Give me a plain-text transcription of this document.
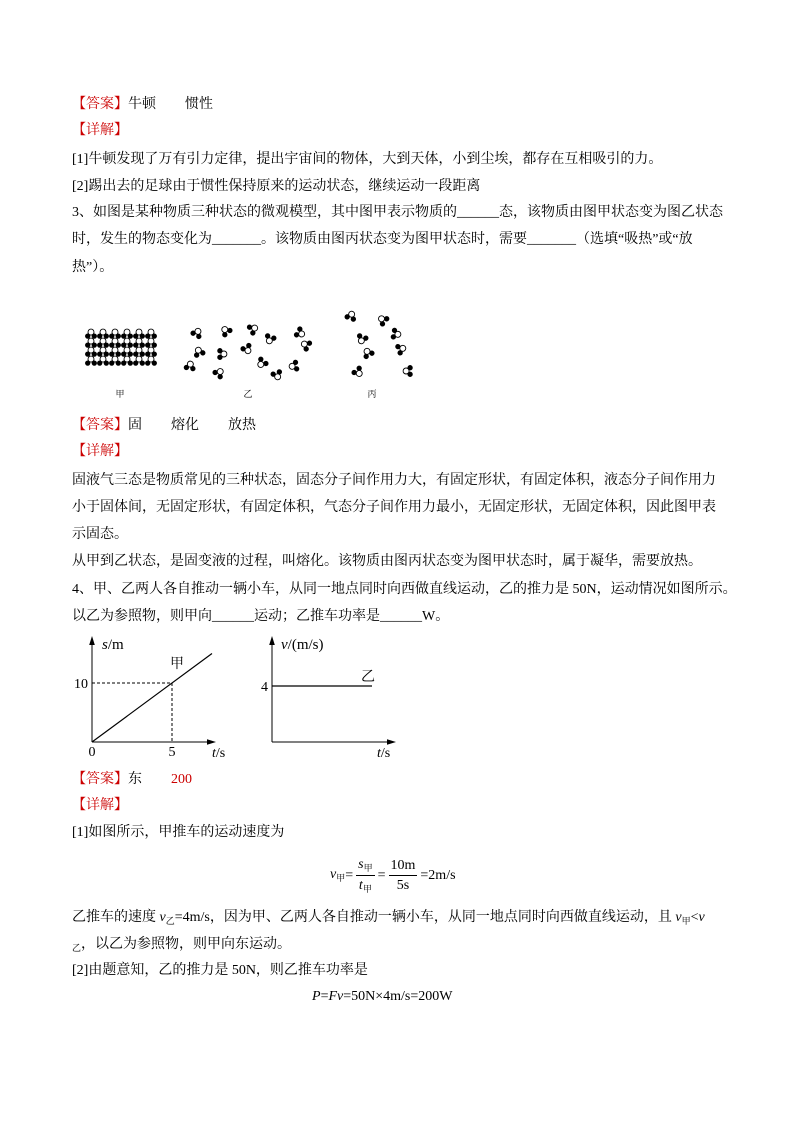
【答案】牛顿 惯性
【详解】
[1]牛顿发现了万有引力定律，提出宇宙间的物体，大到天体，小到尘埃，都存在互相吸引的力。
[2]踢出去的足球由于惯性保持原来的运动状态，继续运动一段距离
3、如图是某种物质三种状态的微观模型，其中图甲表示物质的______态，该物质由图甲状态变为图乙状态
时，发生的物态变化为_______。该物质由图丙状态变为图甲状态时，需要_______（选填“吸热”或“放
热”）。
甲	乙	丙
【答案】固 熔化 放热
【详解】
固液气三态是物质常见的三种状态，固态分子间作用力大，有固定形状，有固定体积，液态分子间作用力
小于固体间，无固定形状，有固定体积，气态分子间作用力最小，无固定形状，无固定体积，因此图甲表
示固态。
从甲到乙状态，是固变液的过程，叫熔化。该物质由图丙状态变为图甲状态时，属于凝华，需要放热。
4、甲、乙两人各自推动一辆小车，从同一地点同时向西做直线运动，乙的推力是 50N，运动情况如图所示。
以乙为参照物，则甲向______运动；乙推车功率是______W。
s/m
t/s
甲
0	5
10
v/(m/s)
t/s
乙
4
【答案】东 200
【详解】
[1]如图所示，甲推车的运动速度为
$v_甲 = \frac{s_甲}{t_甲} = \frac{10m}{5s} =2m/s$
乙推车的速度 $v_乙=4m/s$，因为甲、乙两人各自推动一辆小车，从同一地点同时向西做直线运动，且 $v_甲<v$
$_乙$，以乙为参照物，则甲向东运动。
[2]由题意知，乙的推力是 50N，则乙推车功率是
P=Fv=50N×4m/s=200W
